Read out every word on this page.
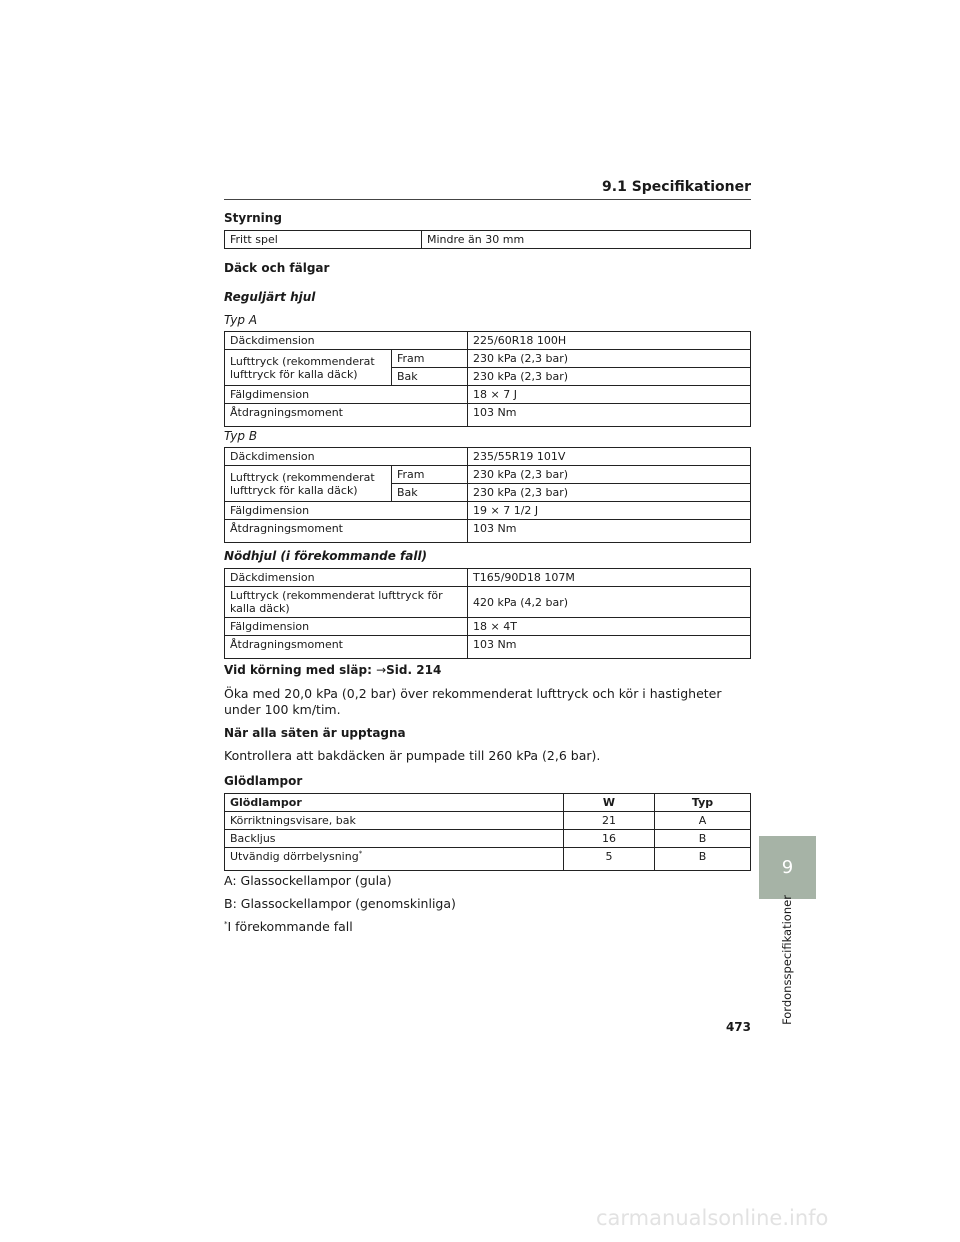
9.1 Specifikationer
Styrning
Fritt spel	Mindre än 30 mm
Däck och fälgar
Reguljärt hjul
Typ A
Däckdimension		225/60R18 100H
Lufttryck (rekommenderat lufttryck för kalla däck)	Fram	230 kPa (2,3 bar)
	Bak	230 kPa (2,3 bar)
Fälgdimension		18 × 7 J
Åtdragningsmoment		103 Nm
Typ B
Däckdimension		235/55R19 101V
Lufttryck (rekommenderat lufttryck för kalla däck)	Fram	230 kPa (2,3 bar)
	Bak	230 kPa (2,3 bar)
Fälgdimension		19 × 7 1/2 J
Åtdragningsmoment		103 Nm
Nödhjul (i förekommande fall)
Däckdimension	T165/90D18 107M
Lufttryck (rekommenderat lufttryck för kalla däck)	420 kPa (4,2 bar)
Fälgdimension	18 × 4T
Åtdragningsmoment	103 Nm
Vid körning med släp: →Sid. 214
Öka med 20,0 kPa (0,2 bar) över rekommenderat lufttryck och kör i hastigheter under 100 km/tim.
När alla säten är upptagna
Kontrollera att bakdäcken är pumpade till 260 kPa (2,6 bar).
Glödlampor
Glödlampor	W	Typ
Körriktningsvisare, bak	21	A
Backljus	16	B
Utvändig dörrbelysning*	5	B
A: Glassockellampor (gula)
B: Glassockellampor (genomskinliga)
*I förekommande fall
9
Fordonsspecifikationer
473
carmanualsonline.info
